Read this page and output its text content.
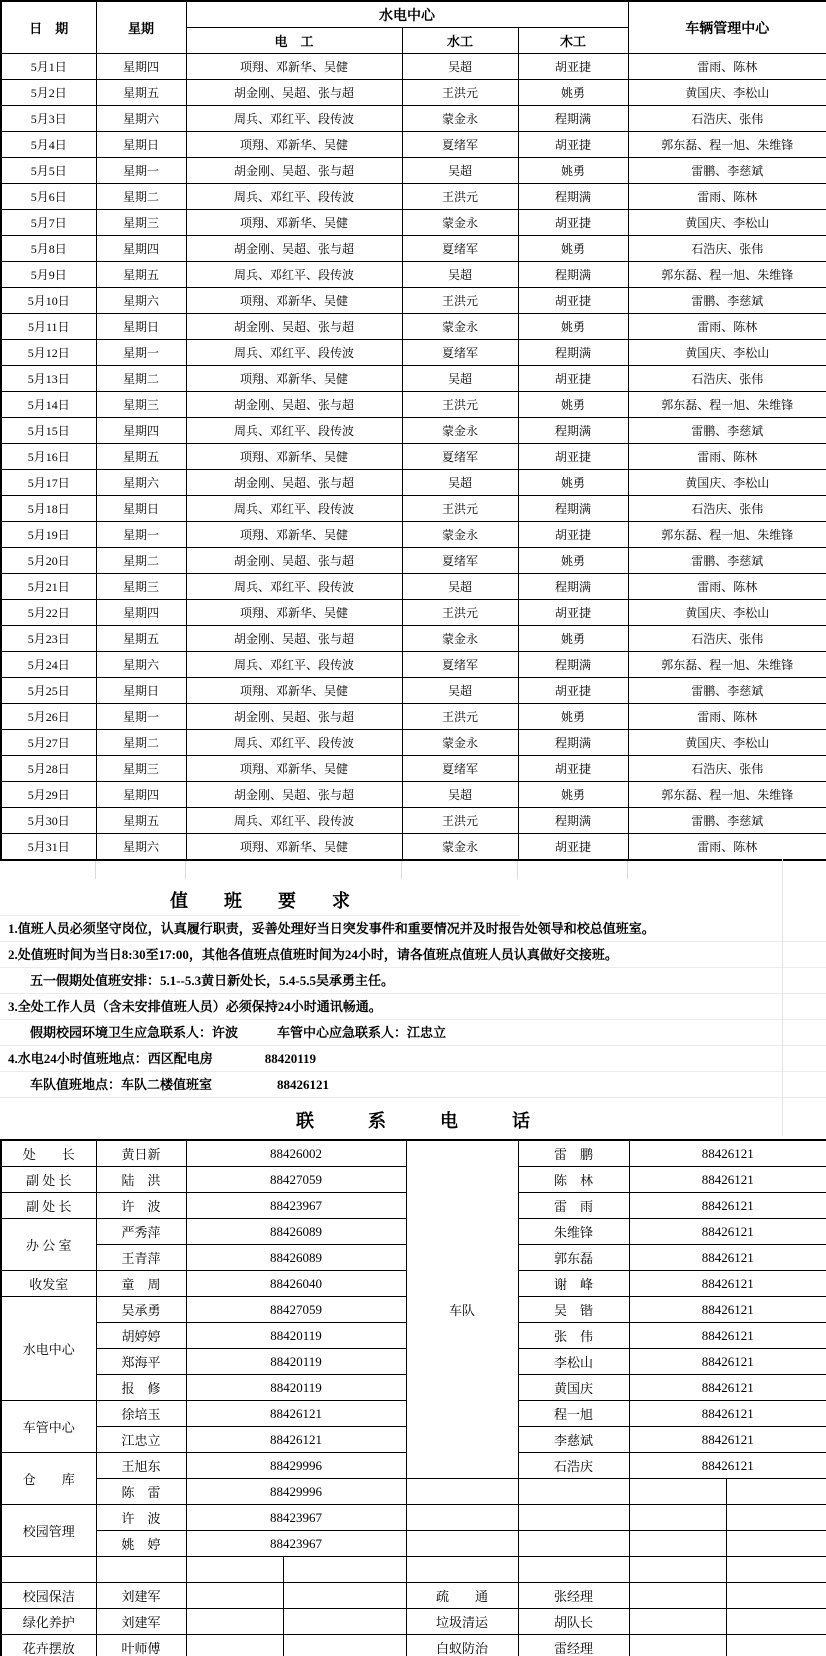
日　期	星期	水电中心			车辆管理中心
		电　工	水工	木工	
5月1日	星期四	项翔、邓新华、吴健	吴超	胡亚捷	雷雨、陈林
5月2日	星期五	胡金刚、吴超、张与超	王洪元	姚勇	黄国庆、李松山
5月3日	星期六	周兵、邓红平、段传波	蒙金永	程期满	石浩庆、张伟
5月4日	星期日	项翔、邓新华、吴健	夏绪军	胡亚捷	郭东磊、程一旭、朱维锋
5月5日	星期一	胡金刚、吴超、张与超	吴超	姚勇	雷鹏、李慈斌
5月6日	星期二	周兵、邓红平、段传波	王洪元	程期满	雷雨、陈林
5月7日	星期三	项翔、邓新华、吴健	蒙金永	胡亚捷	黄国庆、李松山
5月8日	星期四	胡金刚、吴超、张与超	夏绪军	姚勇	石浩庆、张伟
5月9日	星期五	周兵、邓红平、段传波	吴超	程期满	郭东磊、程一旭、朱维锋
5月10日	星期六	项翔、邓新华、吴健	王洪元	胡亚捷	雷鹏、李慈斌
5月11日	星期日	胡金刚、吴超、张与超	蒙金永	姚勇	雷雨、陈林
5月12日	星期一	周兵、邓红平、段传波	夏绪军	程期满	黄国庆、李松山
5月13日	星期二	项翔、邓新华、吴健	吴超	胡亚捷	石浩庆、张伟
5月14日	星期三	胡金刚、吴超、张与超	王洪元	姚勇	郭东磊、程一旭、朱维锋
5月15日	星期四	周兵、邓红平、段传波	蒙金永	程期满	雷鹏、李慈斌
5月16日	星期五	项翔、邓新华、吴健	夏绪军	胡亚捷	雷雨、陈林
5月17日	星期六	胡金刚、吴超、张与超	吴超	姚勇	黄国庆、李松山
5月18日	星期日	周兵、邓红平、段传波	王洪元	程期满	石浩庆、张伟
5月19日	星期一	项翔、邓新华、吴健	蒙金永	胡亚捷	郭东磊、程一旭、朱维锋
5月20日	星期二	胡金刚、吴超、张与超	夏绪军	姚勇	雷鹏、李慈斌
5月21日	星期三	周兵、邓红平、段传波	吴超	程期满	雷雨、陈林
5月22日	星期四	项翔、邓新华、吴健	王洪元	胡亚捷	黄国庆、李松山
5月23日	星期五	胡金刚、吴超、张与超	蒙金永	姚勇	石浩庆、张伟
5月24日	星期六	周兵、邓红平、段传波	夏绪军	程期满	郭东磊、程一旭、朱维锋
5月25日	星期日	项翔、邓新华、吴健	吴超	胡亚捷	雷鹏、李慈斌
5月26日	星期一	胡金刚、吴超、张与超	王洪元	姚勇	雷雨、陈林
5月27日	星期二	周兵、邓红平、段传波	蒙金永	程期满	黄国庆、李松山
5月28日	星期三	项翔、邓新华、吴健	夏绪军	胡亚捷	石浩庆、张伟
5月29日	星期四	胡金刚、吴超、张与超	吴超	姚勇	郭东磊、程一旭、朱维锋
5月30日	星期五	周兵、邓红平、段传波	王洪元	程期满	雷鹏、李慈斌
5月31日	星期六	项翔、邓新华、吴健	蒙金永	胡亚捷	雷雨、陈林
值　　班　　要　　求
1.值班人员必须坚守岗位，认真履行职责，妥善处理好当日突发事件和重要情况并及时报告处领导和校总值班室。
2.处值班时间为当日8:30至17:00，其他各值班点值班时间为24小时，请各值班点值班人员认真做好交接班。
五一假期处值班安排：5.1--5.3黄日新处长，5.4-5.5吴承勇主任。
3.全处工作人员（含未安排值班人员）必须保持24小时通讯畅通。
假期校园环境卫生应急联系人：许波　　　车管中心应急联系人：江忠立
4.水电24小时值班地点：西区配电房　　　　88420119
车队值班地点：车队二楼值班室　　　　　88426121
联　　　系　　　电　　　话
处　　长	黄日新	88426002		车队	雷　鹏	88426121	
副 处 长	陆　洪	88427059			陈　林	88426121	
副 处 长	许　波	88423967			雷　雨	88426121	
办 公 室	严秀萍	88426089			朱维锋	88426121	
	王青萍	88426089			郭东磊	88426121	
收发室	童　周	88426040			谢　峰	88426121	
水电中心	吴承勇	88427059			吴　锴	88426121	
	胡婷婷	88420119			张　伟	88426121	
	郑海平	88420119			李松山	88426121	
	报　修	88420119			黄国庆	88426121	
车管中心	徐培玉	88426121			程一旭	88426121	
	江忠立	88426121			李慈斌	88426121	
仓　　库	王旭东	88429996			石浩庆	88426121	
	陈　雷	88429996					
校园管理	许　波	88423967					
	姚　婷	88423967					

校园保洁	刘建军			疏　　通	张经理		
绿化养护	刘建军			垃圾清运	胡队长		
花卉摆放	叶师傅			白蚁防治	雷经理		
